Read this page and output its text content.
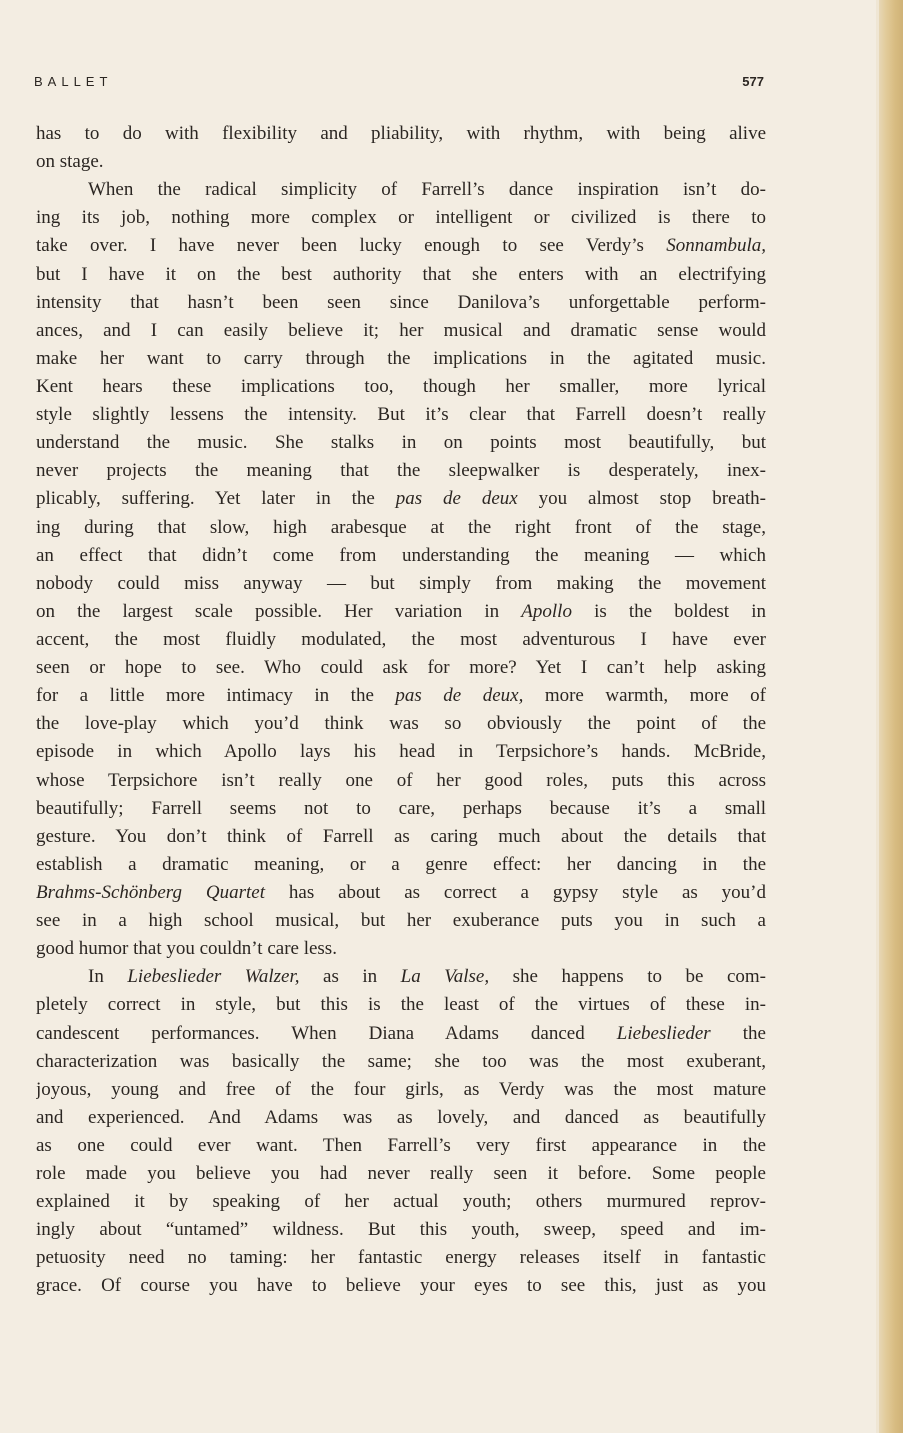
BALLET	577
has to do with flexibility and pliability, with rhythm, with being alive
on stage.
When the radical simplicity of Farrell’s dance inspiration isn’t do-
ing its job, nothing more complex or intelligent or civilized is there to
take over. I have never been lucky enough to see Verdy’s Sonnambula,
but I have it on the best authority that she enters with an electrifying
intensity that hasn’t been seen since Danilova’s unforgettable perform-
ances, and I can easily believe it; her musical and dramatic sense would
make her want to carry through the implications in the agitated music.
Kent hears these implications too, though her smaller, more lyrical
style slightly lessens the intensity. But it’s clear that Farrell doesn’t really
understand the music. She stalks in on points most beautifully, but
never projects the meaning that the sleepwalker is desperately, inex-
plicably, suffering. Yet later in the pas de deux you almost stop breath-
ing during that slow, high arabesque at the right front of the stage,
an effect that didn’t come from understanding the meaning — which
nobody could miss anyway — but simply from making the movement
on the largest scale possible. Her variation in Apollo is the boldest in
accent, the most fluidly modulated, the most adventurous I have ever
seen or hope to see. Who could ask for more? Yet I can’t help asking
for a little more intimacy in the pas de deux, more warmth, more of
the love-play which you’d think was so obviously the point of the
episode in which Apollo lays his head in Terpsichore’s hands. McBride,
whose Terpsichore isn’t really one of her good roles, puts this across
beautifully; Farrell seems not to care, perhaps because it’s a small
gesture. You don’t think of Farrell as caring much about the details that
establish a dramatic meaning, or a genre effect: her dancing in the
Brahms-Schönberg Quartet has about as correct a gypsy style as you’d
see in a high school musical, but her exuberance puts you in such a
good humor that you couldn’t care less.
In Liebeslieder Walzer, as in La Valse, she happens to be com-
pletely correct in style, but this is the least of the virtues of these in-
candescent performances. When Diana Adams danced Liebeslieder the
characterization was basically the same; she too was the most exuberant,
joyous, young and free of the four girls, as Verdy was the most mature
and experienced. And Adams was as lovely, and danced as beautifully
as one could ever want. Then Farrell’s very first appearance in the
role made you believe you had never really seen it before. Some people
explained it by speaking of her actual youth; others murmured reprov-
ingly about “untamed” wildness. But this youth, sweep, speed and im-
petuosity need no taming: her fantastic energy releases itself in fantastic
grace. Of course you have to believe your eyes to see this, just as you
